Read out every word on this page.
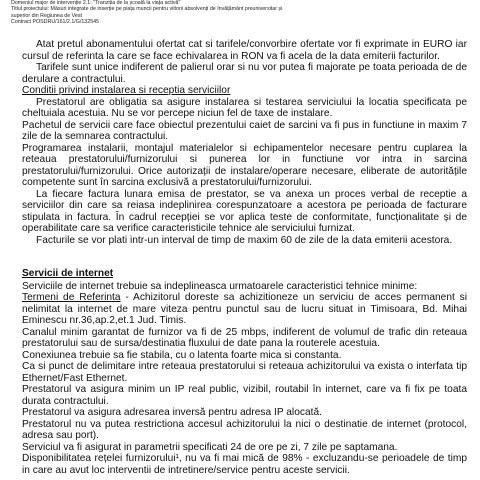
Domeniul major de intervenție 2.1: "Tranziția de la școală la viața activă"
Titlul proiectului: Măsuri integrate de inserție pe piața muncii pentru viitorii absolvenți de învățământ preuniversitar și
superior din Regiunea de Vest
Contract POSDRU/161/2.1/G/132545

Atat pretul abonamentului ofertat cat si tarifele/convorbire ofertate vor fi exprimate in EURO iar cursul de referinta la care se face echivalarea in RON va fi acela de la data emiterii facturilor.

Tarifele sunt unice indiferent de palierul orar si nu vor putea fi majorate pe toata perioada de de derulare a contractului.

Conditii privind instalarea si receptia serviciilor

Prestatorul are obligatia sa asigure instalarea si testarea serviciului la locatia specificata pe cheltuiala acestuia. Nu se vor percepe niciun fel de taxe de instalare.

Pachetul de servicii care face obiectul prezentului caiet de sarcini va fi pus in functiune in maxim 7 zile de la semnarea contractului.

Programarea instalarii, montajul materialelor si echipamentelor necesare pentru cuplarea la reteaua prestatorului/furnizorului si punerea lor in functiune vor intra in sarcina prestatorului/furnizorului. Orice autorizații de instalare/operare necesare, eliberate de autoritățile competente sunt în sarcina exclusivă a prestatorului/furnizorului.

La fiecare factura lunara emisa de prestator, se va anexa un proces verbal de receptie a serviciilor din care sa reiasa indeplinirea corespunzatoare a acestora pe perioada de facturare stipulata in factura. În cadrul recepției se vor aplica teste de conformitate, funcționalitate și de operabilitate care sa verifice caracteristicile tehnice ale serviciului furnizat.

Facturile se vor plati intr-un interval de timp de maxim 60 de zile de la data emiterii acestora.

Servicii de internet

Serviciile de internet trebuie sa indeplineasca urmatoarele caracteristici tehnice minime:

Termeni de Referinta - Achizitorul doreste sa achizitioneze un serviciu de acces permanent si nelimitat la internet de mare viteza pentru punctul sau de lucru situat in Timisoara, Bd. Mihai Eminescu nr.36,ap.2,et.1 Jud. Timis.

Canalul minim garantat de furnizor va fi de 25 mbps, indiferent de volumul de trafic din reteaua prestatorului sau de sursa/destinatia fluxului de date pana la routerele acestuia.

Conexiunea trebuie sa fie stabila, cu o latenta foarte mica si constanta.

Ca si punct de delimitare intre reteaua prestatorului si reteaua achizitorului va exista o interfata tip Ethernet/Fast Ethernet.

Prestatorul va asigura minim un IP real public, vizibil, routabil în internet, care va fi fix pe toata durata contractului.

Prestatorul va asigura adresarea inversă pentru adresa IP alocată.

Prestatorul nu va putea restrictiona accesul achizitorului la nici o destinatie de internet (protocol, adresa sau port).

Serviciul va fi asigurat in parametrii specificati 24 de ore pe zi, 7 zile pe saptamana.

Disponibilitatea rețelei furnizorului¹, nu va fi mai mică de 98% - excluzandu-se perioadele de timp in care au avut loc interventii de intretinere/service pentru aceste servicii.
